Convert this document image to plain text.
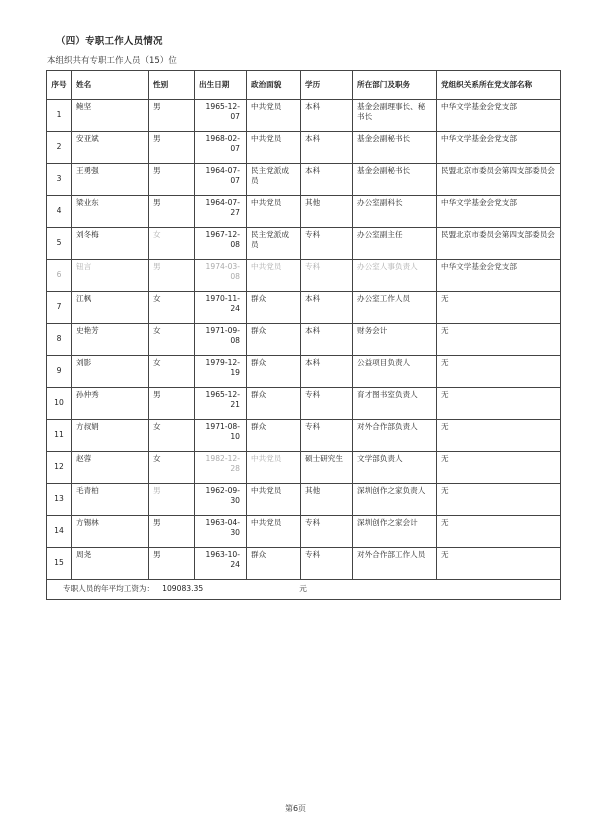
（四）专职工作人员情况
本组织共有专职工作人员（15）位
序号	姓名	性别	出生日期	政治面貌	学历	所在部门及职务	党组织关系所在党支部名称
1	鲍坚	男	1965-12-07	中共党员	本科	基金会副理事长、秘书长	中华文学基金会党支部
2	安亚斌	男	1968-02-07	中共党员	本科	基金会副秘书长	中华文学基金会党支部
3	王勇强	男	1964-07-07	民主党派成员	本科	基金会副秘书长	民盟北京市委员会第四支部委员会
4	梁业东	男	1964-07-27	中共党员	其他	办公室副科长	中华文学基金会党支部
5	刘冬梅	女	1967-12-08	民主党派成员	专科	办公室副主任	民盟北京市委员会第四支部委员会
6	钮言	男	1974-03-08	中共党员	专科	办公室人事负责人	中华文学基金会党支部
7	江枫	女	1970-11-24	群众	本科	办公室工作人员	无
8	史艳芳	女	1971-09-08	群众	本科	财务会计	无
9	刘影	女	1979-12-19	群众	本科	公益项目负责人	无
10	孙仲秀	男	1965-12-21	群众	专科	育才图书室负责人	无
11	方叔娟	女	1971-08-10	群众	专科	对外合作部负责人	无
12	赵蓉	女	1982-12-28	中共党员	硕士研究生	文学部负责人	无
13	毛青柏	男	1962-09-30	中共党员	其他	深圳创作之家负责人	无
14	方锡林	男	1963-04-30	中共党员	专科	深圳创作之家会计	无
15	周尧	男	1963-10-24	群众	专科	对外合作部工作人员	无
专职人员的年平均工资为： 109083.35 元							
第6页
